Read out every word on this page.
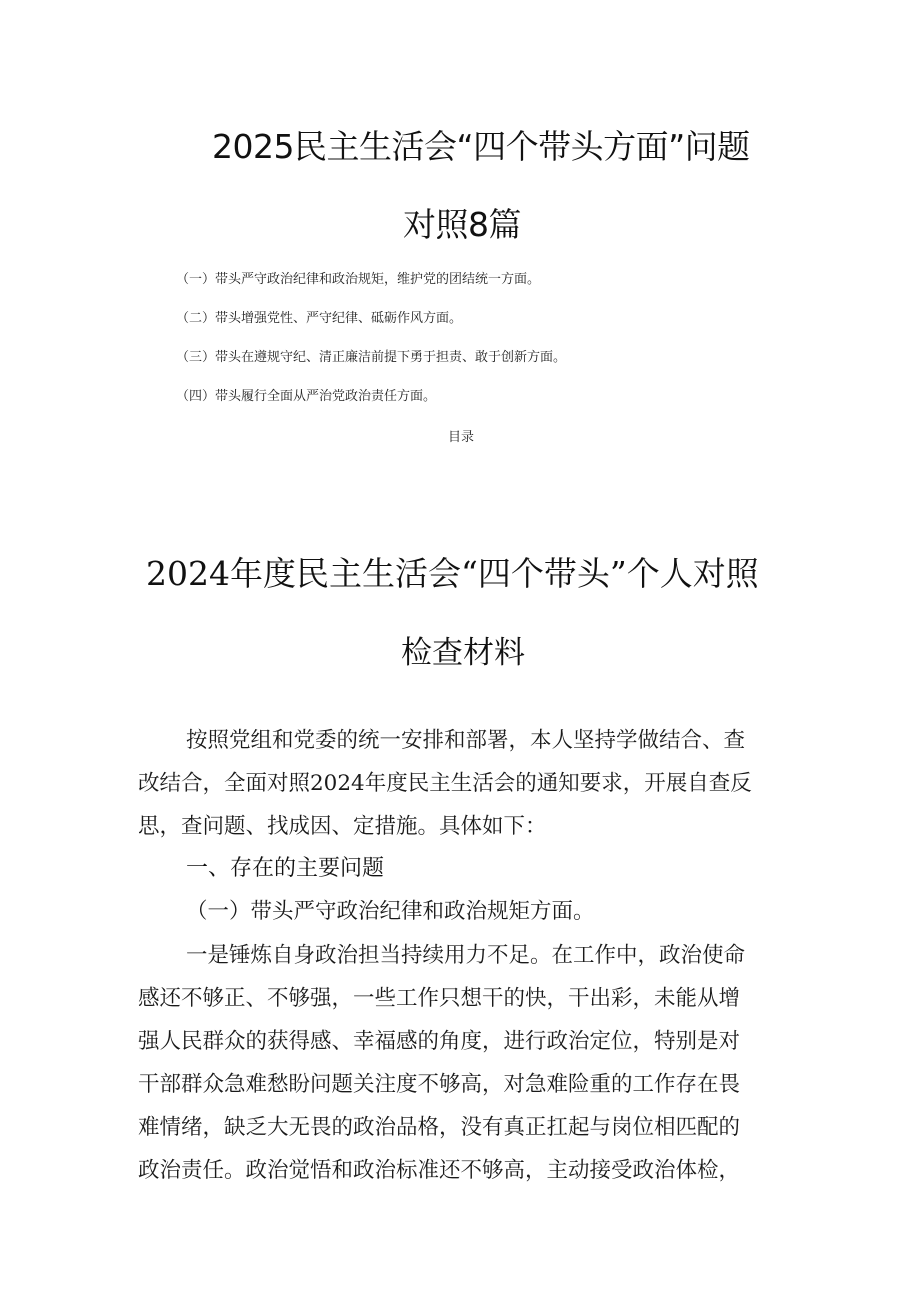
2025民主生活会“四个带头方面”问题
对照8篇
（一）带头严守政治纪律和政治规矩，维护党的团结统一方面。
（二）带头增强党性、严守纪律、砥砺作风方面。
（三）带头在遵规守纪、清正廉洁前提下勇于担责、敢于创新方面。
（四）带头履行全面从严治党政治责任方面。
目录
2024年度民主生活会“四个带头”个人对照
检查材料
按照党组和党委的统一安排和部署，本人坚持学做结合、查
改结合，全面对照2024年度民主生活会的通知要求，开展自查反
思，查问题、找成因、定措施。具体如下：
一、存在的主要问题
（一）带头严守政治纪律和政治规矩方面。
一是锤炼自身政治担当持续用力不足。在工作中，政治使命
感还不够正、不够强，一些工作只想干的快，干出彩，未能从增
强人民群众的获得感、幸福感的角度，进行政治定位，特别是对
干部群众急难愁盼问题关注度不够高，对急难险重的工作存在畏
难情绪，缺乏大无畏的政治品格，没有真正扛起与岗位相匹配的
政治责任。政治觉悟和政治标准还不够高，主动接受政治体检，
